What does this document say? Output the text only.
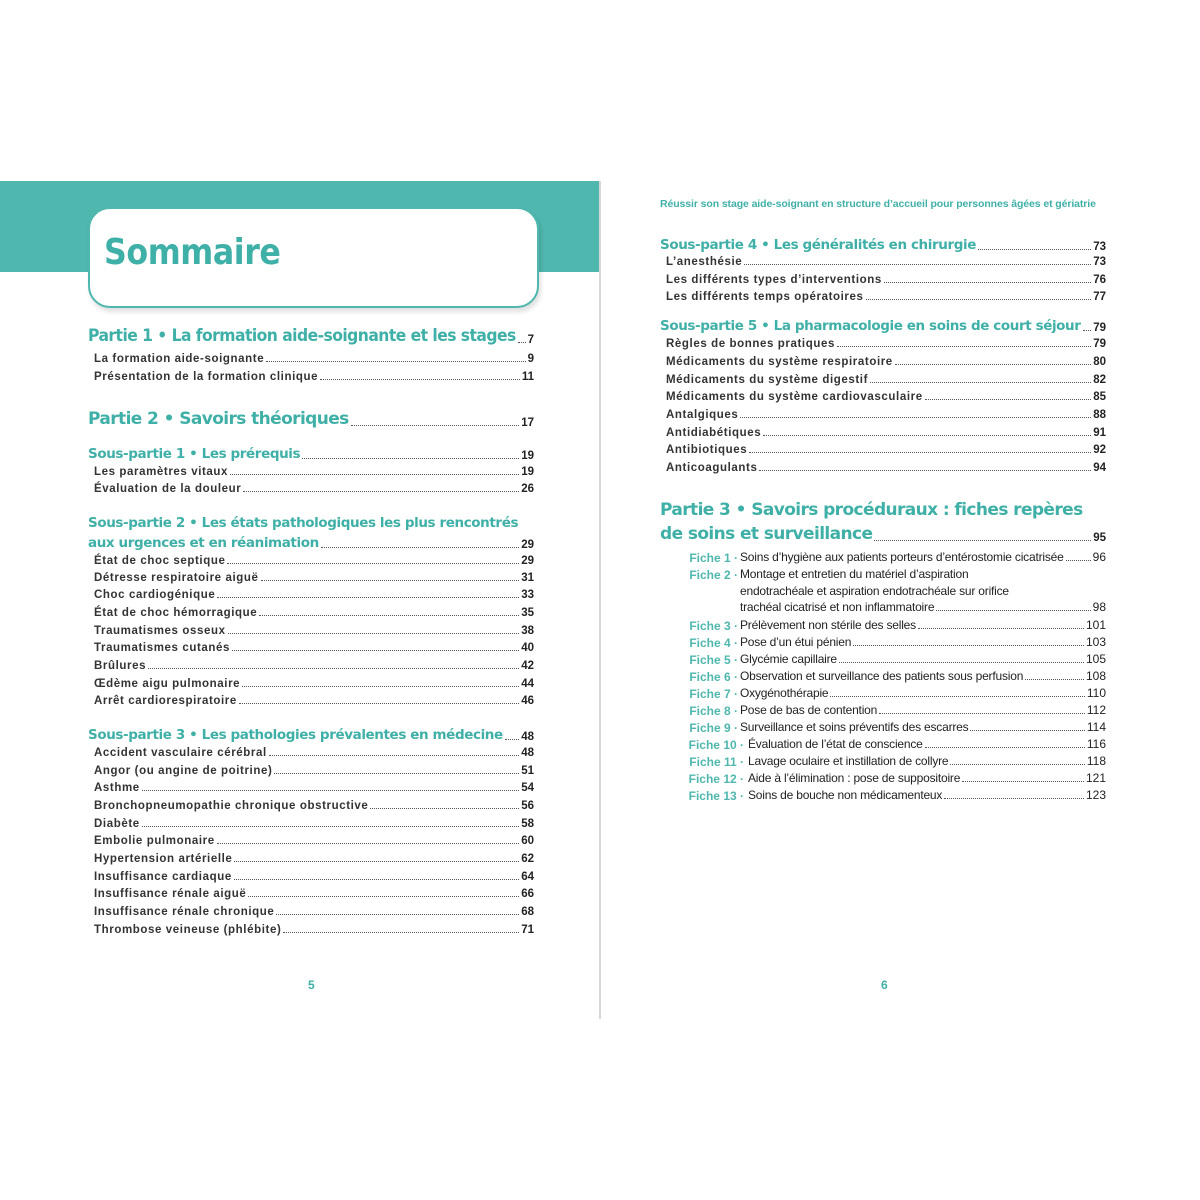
Sommaire
Partie 1 • La formation aide-soignante et les stages 7
La formation aide-soignante	9
Présentation de la formation clinique	11
Partie 2 • Savoirs théoriques	17
Sous-partie 1 • Les prérequis	19
Les paramètres vitaux	19
Évaluation de la douleur	26
Sous-partie 2 • Les états pathologiques les plus rencontrés
aux urgences et en réanimation	29
État de choc septique	29
Détresse respiratoire aiguë	31
Choc cardiogénique	33
État de choc hémorragique	35
Traumatismes osseux	38
Traumatismes cutanés	40
Brûlures	42
Œdème aigu pulmonaire	44
Arrêt cardiorespiratoire	46
Sous-partie 3 • Les pathologies prévalentes en médecine 48
Accident vasculaire cérébral	48
Angor (ou angine de poitrine)	51
Asthme	54
Bronchopneumopathie chronique obstructive	56
Diabète	58
Embolie pulmonaire	60
Hypertension artérielle	62
Insuffisance cardiaque	64
Insuffisance rénale aiguë	66
Insuffisance rénale chronique	68
Thrombose veineuse (phlébite)	71
5
Réussir son stage aide-soignant en structure d’accueil pour personnes âgées et gériatrie
Sous-partie 4 • Les généralités en chirurgie	73
L’anesthésie	73
Les différents types d’interventions	76
Les différents temps opératoires	77
Sous-partie 5 • La pharmacologie en soins de court séjour 79
Règles de bonnes pratiques	79
Médicaments du système respiratoire	80
Médicaments du système digestif	82
Médicaments du système cardiovasculaire	85
Antalgiques	88
Antidiabétiques	91
Antibiotiques	92
Anticoagulants	94
Partie 3 • Savoirs procéduraux : fiches repères
de soins et surveillance	95
Fiche 1 · Soins d’hygiène aux patients porteurs d’entérostomie cicatrisée 96
Fiche 2 · Montage et entretien du matériel d’aspiration
endotrachéale et aspiration endotrachéale sur orifice
trachéal cicatrisé et non inflammatoire	98
Fiche 3 · Prélèvement non stérile des selles	101
Fiche 4 · Pose d’un étui pénien	103
Fiche 5 · Glycémie capillaire	105
Fiche 6 · Observation et surveillance des patients sous perfusion	108
Fiche 7 · Oxygénothérapie	110
Fiche 8 · Pose de bas de contention	112
Fiche 9 · Surveillance et soins préventifs des escarres	114
Fiche 10 · Évaluation de l’état de conscience	116
Fiche 11 · Lavage oculaire et instillation de collyre	118
Fiche 12 · Aide à l’élimination : pose de suppositoire	121
Fiche 13 · Soins de bouche non médicamenteux	123
6
